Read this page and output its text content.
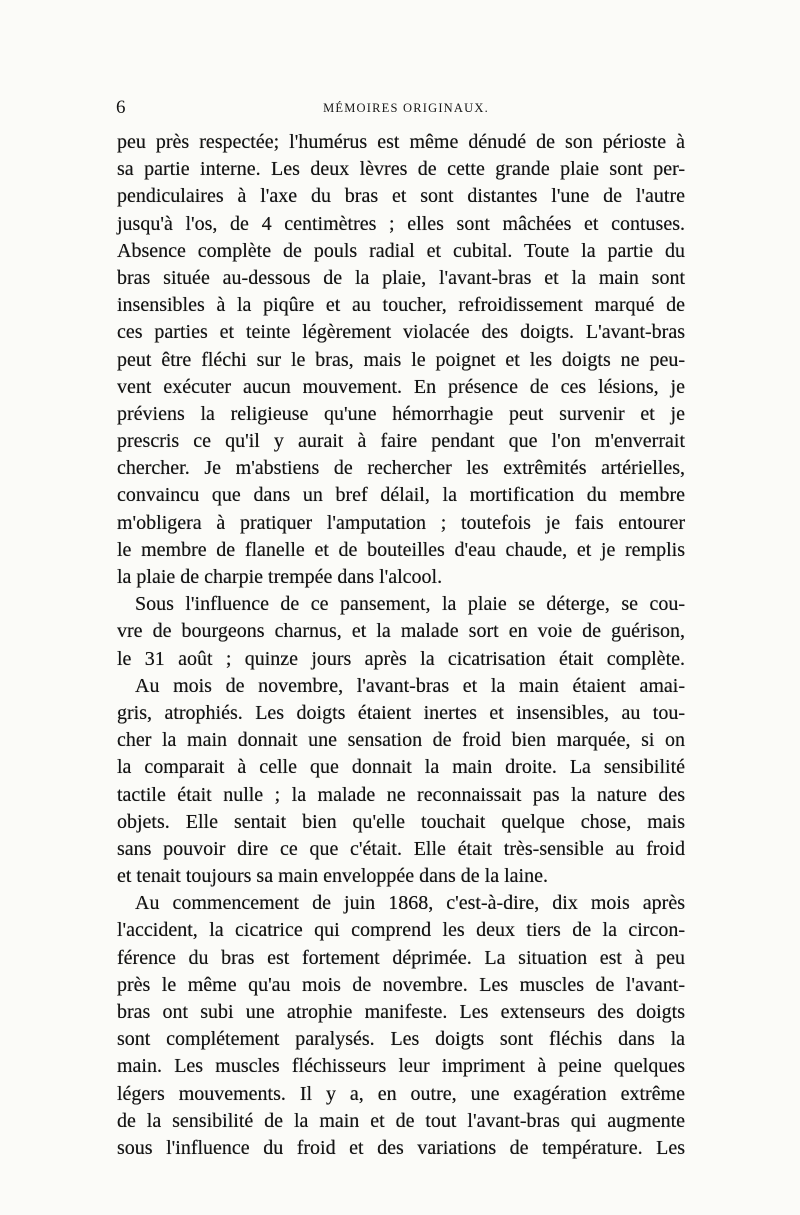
6	MÉMOIRES ORIGINAUX.
peu près respectée; l'humérus est même dénudé de son périoste à
sa partie interne. Les deux lèvres de cette grande plaie sont per-
pendiculaires à l'axe du bras et sont distantes l'une de l'autre
jusqu'à l'os, de 4 centimètres ; elles sont mâchées et contuses.
Absence complète de pouls radial et cubital. Toute la partie du
bras située au-dessous de la plaie, l'avant-bras et la main sont
insensibles à la piqûre et au toucher, refroidissement marqué de
ces parties et teinte légèrement violacée des doigts. L'avant-bras
peut être fléchi sur le bras, mais le poignet et les doigts ne peu-
vent exécuter aucun mouvement. En présence de ces lésions, je
préviens la religieuse qu'une hémorrhagie peut survenir et je
prescris ce qu'il y aurait à faire pendant que l'on m'enverrait
chercher. Je m'abstiens de rechercher les extrêmités artérielles,
convaincu que dans un bref délail, la mortification du membre
m'obligera à pratiquer l'amputation ; toutefois je fais entourer
le membre de flanelle et de bouteilles d'eau chaude, et je remplis
la plaie de charpie trempée dans l'alcool.
Sous l'influence de ce pansement, la plaie se déterge, se cou-
vre de bourgeons charnus, et la malade sort en voie de guérison,
le 31 août ; quinze jours après la cicatrisation était complète.
Au mois de novembre, l'avant-bras et la main étaient amai-
gris, atrophiés. Les doigts étaient inertes et insensibles, au tou-
cher la main donnait une sensation de froid bien marquée, si on
la comparait à celle que donnait la main droite. La sensibilité
tactile était nulle ; la malade ne reconnaissait pas la nature des
objets. Elle sentait bien qu'elle touchait quelque chose, mais
sans pouvoir dire ce que c'était. Elle était très-sensible au froid
et tenait toujours sa main enveloppée dans de la laine.
Au commencement de juin 1868, c'est-à-dire, dix mois après
l'accident, la cicatrice qui comprend les deux tiers de la circon-
férence du bras est fortement déprimée. La situation est à peu
près le même qu'au mois de novembre. Les muscles de l'avant-
bras ont subi une atrophie manifeste. Les extenseurs des doigts
sont complétement paralysés. Les doigts sont fléchis dans la
main. Les muscles fléchisseurs leur impriment à peine quelques
légers mouvements. Il y a, en outre, une exagération extrême
de la sensibilité de la main et de tout l'avant-bras qui augmente
sous l'influence du froid et des variations de température. Les
